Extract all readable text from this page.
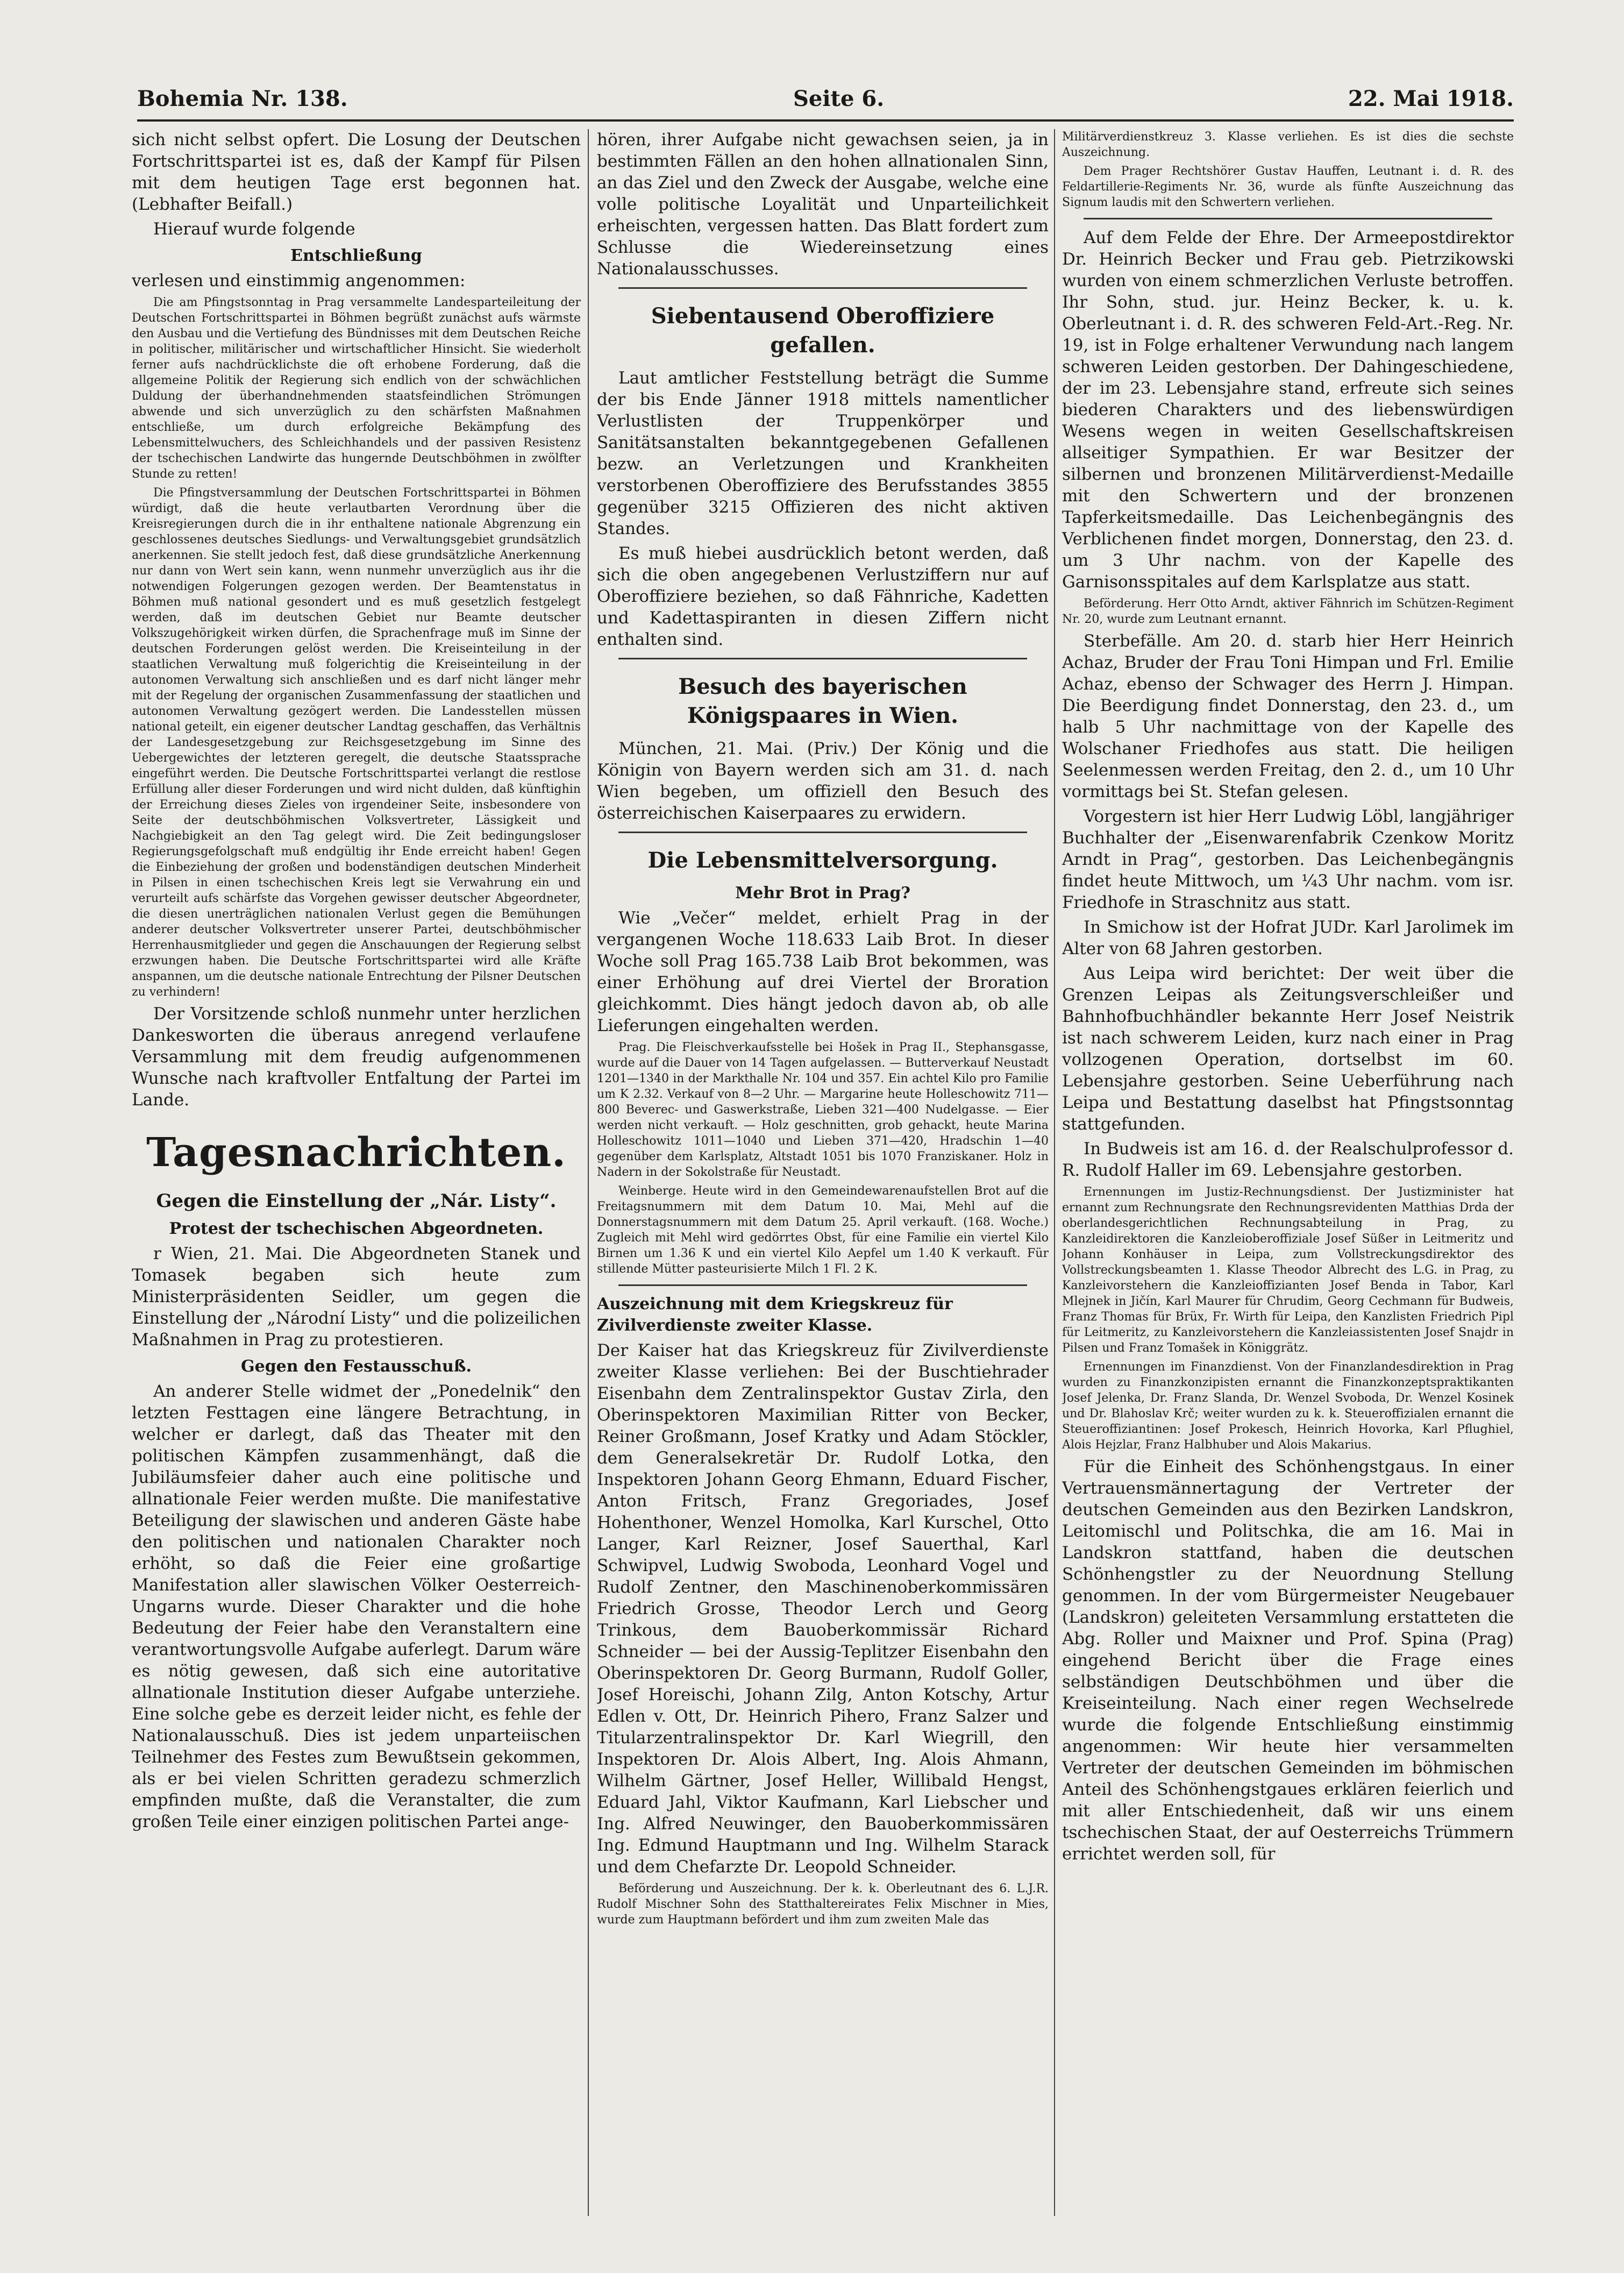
Bohemia Nr. 138.	Seite 6.	22. Mai 1918.

sich nicht selbst opfert. Die Losung der Deutschen Fortschrittspartei ist es, daß der Kampf für Pilsen mit dem heutigen Tage erst begonnen hat. (Lebhafter Beifall.)

Hierauf wurde folgende

Entschließung

verlesen und einstimmig angenommen:

Die am Pfingstsonntag in Prag versammelte Landesparteileitung der Deutschen Fortschrittspartei in Böhmen begrüßt zunächst aufs wärmste den Ausbau und die Vertiefung des Bündnisses mit dem Deutschen Reiche in politischer, militärischer und wirtschaftlicher Hinsicht. Sie wiederholt ferner aufs nachdrücklichste die oft erhobene Forderung, daß die allgemeine Politik der Regierung sich endlich von der schwächlichen Duldung der überhandnehmenden staatsfeindlichen Strömungen abwende und sich unverzüglich zu den schärfsten Maßnahmen entschließe, um durch erfolgreiche Bekämpfung des Lebensmittelwuchers, des Schleichhandels und der passiven Resistenz der tschechischen Landwirte das hungernde Deutschböhmen in zwölfter Stunde zu retten!

Die Pfingstversammlung der Deutschen Fortschrittspartei in Böhmen würdigt, daß die heute verlautbarten Verordnung über die Kreisregierungen durch die in ihr enthaltene nationale Abgrenzung ein geschlossenes deutsches Siedlungs- und Verwaltungsgebiet grundsätzlich anerkennen. Sie stellt jedoch fest, daß diese grundsätzliche Anerkennung nur dann von Wert sein kann, wenn nunmehr unverzüglich aus ihr die notwendigen Folgerungen gezogen werden. Der Beamtenstatus in Böhmen muß national gesondert und es muß gesetzlich festgelegt werden, daß im deutschen Gebiet nur Beamte deutscher Volkszugehörigkeit wirken dürfen, die Sprachenfrage muß im Sinne der deutschen Forderungen gelöst werden. Die Kreiseinteilung in der staatlichen Verwaltung muß folgerichtig die Kreiseinteilung in der autonomen Verwaltung sich anschließen und es darf nicht länger mehr mit der Regelung der organischen Zusammenfassung der staatlichen und autonomen Verwaltung gezögert werden. Die Landesstellen müssen national geteilt, ein eigener deutscher Landtag geschaffen, das Verhältnis der Landesgesetzgebung zur Reichsgesetzgebung im Sinne des Uebergewichtes der letzteren geregelt, die deutsche Staatssprache eingeführt werden. Die Deutsche Fortschrittspartei verlangt die restlose Erfüllung aller dieser Forderungen und wird nicht dulden, daß künftighin der Erreichung dieses Zieles von irgendeiner Seite, insbesondere von Seite der deutschböhmischen Volksvertreter, Lässigkeit und Nachgiebigkeit an den Tag gelegt wird. Die Zeit bedingungsloser Regierungsgefolgschaft muß endgültig ihr Ende erreicht haben! Gegen die Einbeziehung der großen und bodenständigen deutschen Minderheit in Pilsen in einen tschechischen Kreis legt sie Verwahrung ein und verurteilt aufs schärfste das Vorgehen gewisser deutscher Abgeordneter, die diesen unerträglichen nationalen Verlust gegen die Bemühungen anderer deutscher Volksvertreter unserer Partei, deutschböhmischer Herrenhausmitglieder und gegen die Anschauungen der Regierung selbst erzwungen haben. Die Deutsche Fortschrittspartei wird alle Kräfte anspannen, um die deutsche nationale Entrechtung der Pilsner Deutschen zu verhindern!

Der Vorsitzende schloß nunmehr unter herzlichen Dankesworten die überaus anregend verlaufene Versammlung mit dem freudig aufgenommenen Wunsche nach kraftvoller Entfaltung der Partei im Lande.

Tagesnachrichten.
Gegen die Einstellung der „Nár. Listy“.
Protest der tschechischen Abgeordneten.

r Wien, 21. Mai. Die Abgeordneten Stanek und Tomasek begaben sich heute zum Ministerpräsidenten Seidler, um gegen die Einstellung der „Národní Listy“ und die polizeilichen Maßnahmen in Prag zu protestieren.

Gegen den Festausschuß.

An anderer Stelle widmet der „Ponedelnik“ den letzten Festtagen eine längere Betrachtung, in welcher er darlegt, daß das Theater mit den politischen Kämpfen zusammenhängt, daß die Jubiläumsfeier daher auch eine politische und allnationale Feier werden mußte. Die manifestative Beteiligung der slawischen und anderen Gäste habe den politischen und nationalen Charakter noch erhöht, so daß die Feier eine großartige Manifestation aller slawischen Völker Oesterreich-Ungarns wurde. Dieser Charakter und die hohe Bedeutung der Feier habe den Veranstaltern eine verantwortungsvolle Aufgabe auferlegt. Darum wäre es nötig gewesen, daß sich eine autoritative allnationale Institution dieser Aufgabe unterziehe. Eine solche gebe es derzeit leider nicht, es fehle der Nationalausschuß. Dies ist jedem unparteiischen Teilnehmer des Festes zum Bewußtsein gekommen, als er bei vielen Schritten geradezu schmerzlich empfinden mußte, daß die Veranstalter, die zum großen Teile einer einzigen politischen Partei ange-

hören, ihrer Aufgabe nicht gewachsen seien, ja in bestimmten Fällen an den hohen allnationalen Sinn, an das Ziel und den Zweck der Ausgabe, welche eine volle politische Loyalität und Unparteilichkeit erheischten, vergessen hatten. Das Blatt fordert zum Schlusse die Wiedereinsetzung eines Nationalausschusses.

Siebentausend Oberoffiziere gefallen.

Laut amtlicher Feststellung beträgt die Summe der bis Ende Jänner 1918 mittels namentlicher Verlustlisten der Truppenkörper und Sanitätsanstalten bekanntgegebenen Gefallenen bezw. an Verletzungen und Krankheiten verstorbenen Oberoffiziere des Berufsstandes 3855 gegenüber 3215 Offizieren des nicht aktiven Standes.

Es muß hiebei ausdrücklich betont werden, daß sich die oben angegebenen Verlustziffern nur auf Oberoffiziere beziehen, so daß Fähnriche, Kadetten und Kadettaspiranten in diesen Ziffern nicht enthalten sind.

Besuch des bayerischen Königspaares in Wien.

München, 21. Mai. (Priv.) Der König und die Königin von Bayern werden sich am 31. d. nach Wien begeben, um offiziell den Besuch des österreichischen Kaiserpaares zu erwidern.

Die Lebensmittelversorgung.
Mehr Brot in Prag?

Wie „Večer“ meldet, erhielt Prag in der vergangenen Woche 118.633 Laib Brot. In dieser Woche soll Prag 165.738 Laib Brot bekommen, was einer Erhöhung auf drei Viertel der Broration gleichkommt. Dies hängt jedoch davon ab, ob alle Lieferungen eingehalten werden.

Prag. Die Fleischverkaufsstelle bei Hošek in Prag II., Stephansgasse, wurde auf die Dauer von 14 Tagen aufgelassen. — Butterverkauf Neustadt 1201—1340 in der Markthalle Nr. 104 und 357. Ein achtel Kilo pro Familie um K 2.32. Verkauf von 8—2 Uhr. — Margarine heute Holleschowitz 711—800 Beverec- und Gaswerkstraße, Lieben 321—400 Nudelgasse. — Eier werden nicht verkauft. — Holz geschnitten, grob gehackt, heute Marina Holleschowitz 1011—1040 und Lieben 371—420, Hradschin 1—40 gegenüber dem Karlsplatz, Altstadt 1051 bis 1070 Franziskaner. Holz in Nadern in der Sokolstraße für Neustadt.

Weinberge. Heute wird in den Gemeindewarenaufstellen Brot auf die Freitagsnummern mit dem Datum 10. Mai, Mehl auf die Donnerstagsnummern mit dem Datum 25. April verkauft. (168. Woche.) Zugleich mit Mehl wird gedörrtes Obst, für eine Familie ein viertel Kilo Birnen um 1.36 K und ein viertel Kilo Aepfel um 1.40 K verkauft. Für stillende Mütter pasteurisierte Milch 1 Fl. 2 K.

Auszeichnung mit dem Kriegskreuz für Zivilverdienste zweiter Klasse.

Der Kaiser hat das Kriegskreuz für Zivilverdienste zweiter Klasse verliehen: Bei der Buschtiehrader Eisenbahn dem Zentralinspektor Gustav Zirla, den Oberinspektoren Maximilian Ritter von Becker, Reiner Großmann, Josef Kratky und Adam Stöckler, dem Generalsekretär Dr. Rudolf Lotka, den Inspektoren Johann Georg Ehmann, Eduard Fischer, Anton Fritsch, Franz Gregoriades, Josef Hohenthoner, Wenzel Homolka, Karl Kurschel, Otto Langer, Karl Reizner, Josef Sauerthal, Karl Schwipvel, Ludwig Swoboda, Leonhard Vogel und Rudolf Zentner, den Maschinenoberkommissären Friedrich Grosse, Theodor Lerch und Georg Trinkous, dem Bauoberkommissär Richard Schneider — bei der Aussig-Teplitzer Eisenbahn den Oberinspektoren Dr. Georg Burmann, Rudolf Goller, Josef Horeischi, Johann Zilg, Anton Kotschy, Artur Edlen v. Ott, Dr. Heinrich Pihero, Franz Salzer und Titularzentralinspektor Dr. Karl Wiegrill, den Inspektoren Dr. Alois Albert, Ing. Alois Ahmann, Wilhelm Gärtner, Josef Heller, Willibald Hengst, Eduard Jahl, Viktor Kaufmann, Karl Liebscher und Ing. Alfred Neuwinger, den Bauoberkommissären Ing. Edmund Hauptmann und Ing. Wilhelm Starack und dem Chefarzte Dr. Leopold Schneider.

Beförderung und Auszeichnung. Der k. k. Oberleutnant des 6. L.J.R. Rudolf Mischner Sohn des Statthaltereirates Felix Mischner in Mies, wurde zum Hauptmann befördert und ihm zum zweiten Male das

Militärverdienstkreuz 3. Klasse verliehen. Es ist dies die sechste Auszeichnung.

Dem Prager Rechtshörer Gustav Hauffen, Leutnant i. d. R. des Feldartillerie-Regiments Nr. 36, wurde als fünfte Auszeichnung das Signum laudis mit den Schwertern verliehen.

Auf dem Felde der Ehre. Der Armeepostdirektor Dr. Heinrich Becker und Frau geb. Pietrzikowski wurden von einem schmerzlichen Verluste betroffen. Ihr Sohn, stud. jur. Heinz Becker, k. u. k. Oberleutnant i. d. R. des schweren Feld-Art.-Reg. Nr. 19, ist in Folge erhaltener Verwundung nach langem schweren Leiden gestorben. Der Dahingeschiedene, der im 23. Lebensjahre stand, erfreute sich seines biederen Charakters und des liebenswürdigen Wesens wegen in weiten Gesellschaftskreisen allseitiger Sympathien. Er war Besitzer der silbernen und bronzenen Militärverdienst-Medaille mit den Schwertern und der bronzenen Tapferkeitsmedaille. Das Leichenbegängnis des Verblichenen findet morgen, Donnerstag, den 23. d. um 3 Uhr nachm. von der Kapelle des Garnisonsspitales auf dem Karlsplatze aus statt.

Beförderung. Herr Otto Arndt, aktiver Fähnrich im Schützen-Regiment Nr. 20, wurde zum Leutnant ernannt.

Sterbefälle. Am 20. d. starb hier Herr Heinrich Achaz, Bruder der Frau Toni Himpan und Frl. Emilie Achaz, ebenso der Schwager des Herrn J. Himpan. Die Beerdigung findet Donnerstag, den 23. d., um halb 5 Uhr nachmittage von der Kapelle des Wolschaner Friedhofes aus statt. Die heiligen Seelenmessen werden Freitag, den 2. d., um 10 Uhr vormittags bei St. Stefan gelesen.

Vorgestern ist hier Herr Ludwig Löbl, langjähriger Buchhalter der „Eisenwarenfabrik Czenkow Moritz Arndt in Prag“, gestorben. Das Leichenbegängnis findet heute Mittwoch, um ¼3 Uhr nachm. vom isr. Friedhofe in Straschnitz aus statt.

In Smichow ist der Hofrat JUDr. Karl Jarolimek im Alter von 68 Jahren gestorben.

Aus Leipa wird berichtet: Der weit über die Grenzen Leipas als Zeitungsverschleißer und Bahnhofbuchhändler bekannte Herr Josef Neistrik ist nach schwerem Leiden, kurz nach einer in Prag vollzogenen Operation, dortselbst im 60. Lebensjahre gestorben. Seine Ueberführung nach Leipa und Bestattung daselbst hat Pfingstsonntag stattgefunden.

In Budweis ist am 16. d. der Realschulprofessor d. R. Rudolf Haller im 69. Lebensjahre gestorben.

Ernennungen im Justiz-Rechnungsdienst. Der Justizminister hat ernannt zum Rechnungsrate den Rechnungsrevidenten Matthias Drda der oberlandesgerichtlichen Rechnungsabteilung in Prag, zu Kanzleidirektoren die Kanzleioberoffiziale Josef Süßer in Leitmeritz und Johann Konhäuser in Leipa, zum Vollstreckungsdirektor des Vollstreckungsbeamten 1. Klasse Theodor Albrecht des L.G. in Prag, zu Kanzleivorstehern die Kanzleioffizianten Josef Benda in Tabor, Karl Mlejnek in Jičín, Karl Maurer für Chrudim, Georg Cechmann für Budweis, Franz Thomas für Brüx, Fr. Wirth für Leipa, den Kanzlisten Friedrich Pipl für Leitmeritz, zu Kanzleivorstehern die Kanzleiassistenten Josef Snajdr in Pilsen und Franz Tomašek in Königgrätz.

Ernennungen im Finanzdienst. Von der Finanzlandesdirektion in Prag wurden zu Finanzkonzipisten ernannt die Finanzkonzeptspraktikanten Josef Jelenka, Dr. Franz Slanda, Dr. Wenzel Svoboda, Dr. Wenzel Kosinek und Dr. Blahoslav Krč; weiter wurden zu k. k. Steueroffizialen ernannt die Steueroffiziantinen: Josef Prokesch, Heinrich Hovorka, Karl Pflughiel, Alois Hejzlar, Franz Halbhuber und Alois Makarius.

Für die Einheit des Schönhengstgaus. In einer Vertrauensmännertagung der Vertreter der deutschen Gemeinden aus den Bezirken Landskron, Leitomischl und Politschka, die am 16. Mai in Landskron stattfand, haben die deutschen Schönhengstler zu der Neuordnung Stellung genommen. In der vom Bürgermeister Neugebauer (Landskron) geleiteten Versammlung erstatteten die Abg. Roller und Maixner und Prof. Spina (Prag) eingehend Bericht über die Frage eines selbständigen Deutschböhmen und über die Kreiseinteilung. Nach einer regen Wechselrede wurde die folgende Entschließung einstimmig angenommen: Wir heute hier versammelten Vertreter der deutschen Gemeinden im böhmischen Anteil des Schönhengstgaues erklären feierlich und mit aller Entschiedenheit, daß wir uns einem tschechischen Staat, der auf Oesterreichs Trümmern errichtet werden soll, für
